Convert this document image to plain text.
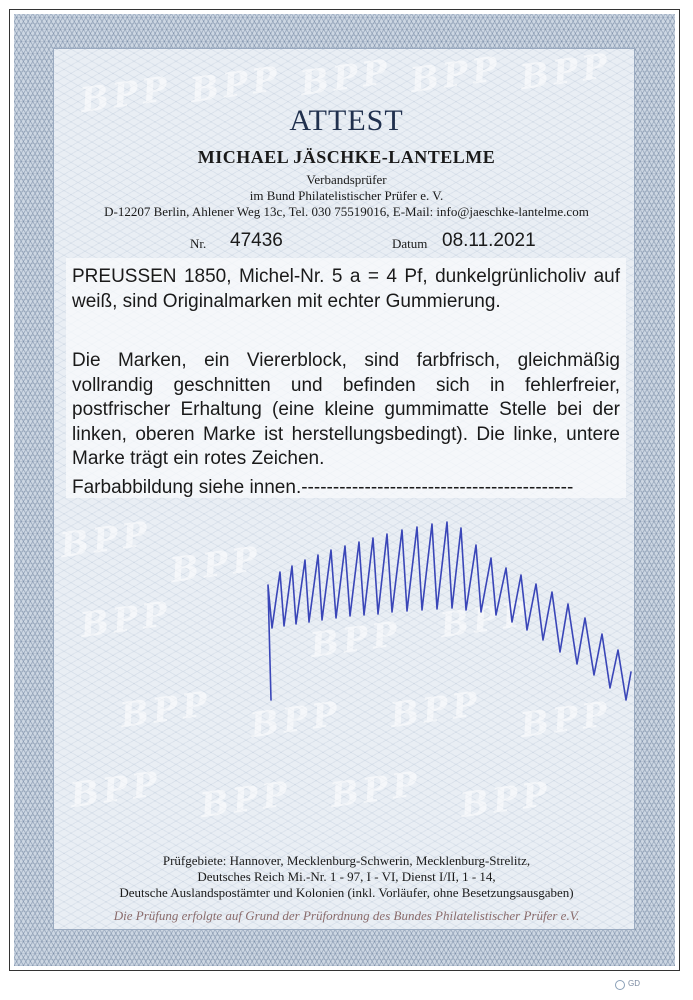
BPP BPP BPP BPP BPP
BPP BPP
BPP	BPP BPP
BPP BPP BPP BPP
BPP BPP BPP BPP
ATTEST
MICHAEL JÄSCHKE-LANTELME
Verbandsprüfer
im Bund Philatelistischer Prüfer e. V.
D-12207 Berlin, Ahlener Weg 13c, Tel. 030 75519016, E-Mail: info@jaeschke-lantelme.com
Nr. 47436	Datum 08.11.2021
PREUSSEN 1850, Michel-Nr. 5 a = 4 Pf, dunkelgrünlicholiv auf weiß, sind Originalmarken mit echter Gummierung.
Die Marken, ein Viererblock, sind farbfrisch, gleichmäßig vollrandig geschnitten und befinden sich in fehlerfreier, postfrischer Erhaltung (eine kleine gummimatte Stelle bei der linken, oberen Marke ist herstellungsbedingt). Die linke, untere Marke trägt ein rotes Zeichen.
Farbabbildung siehe innen.-------------------------------------------
Prüfgebiete: Hannover, Mecklenburg-Schwerin, Mecklenburg-Strelitz,
Deutsches Reich Mi.-Nr. 1 - 97, I - VI, Dienst I/II, 1 - 14,
Deutsche Auslandspostämter und Kolonien (inkl. Vorläufer, ohne Besetzungsausgaben)
Die Prüfung erfolgte auf Grund der Prüfordnung des Bundes Philatelistischer Prüfer e.V.
GD
